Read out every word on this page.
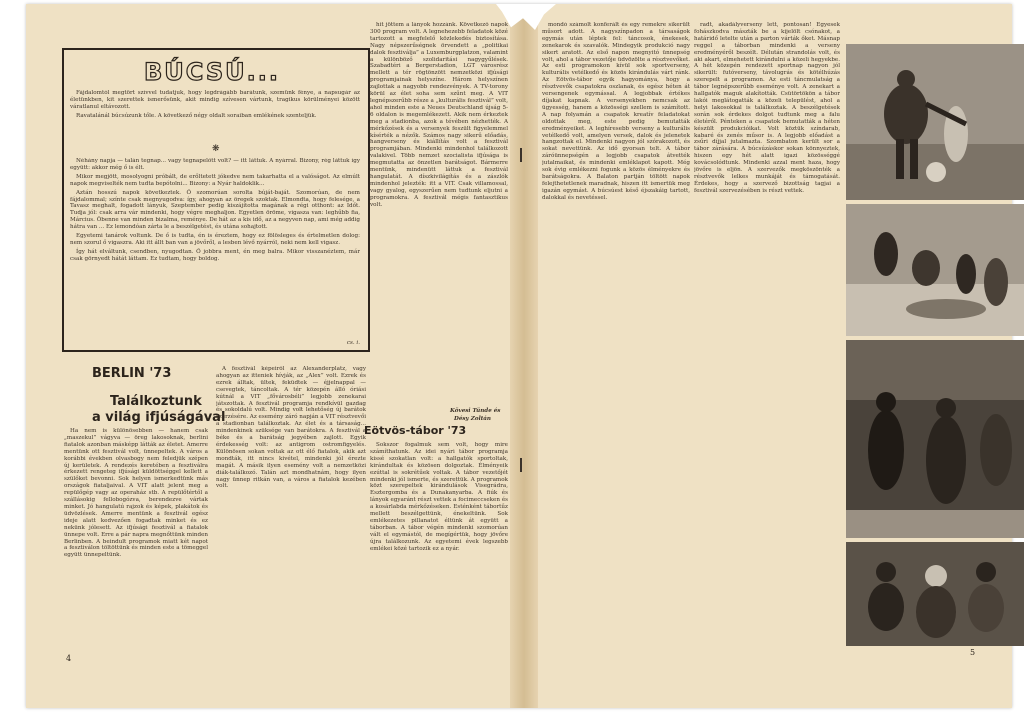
BÚCSÚ...

Fájdalomtól megtört szívvel tudatjuk, hogy legdrágább barátunk, szemünk fénye, a napsugár az életünkben, kit szerettek ismerősünk, akit mindig szívesen vártunk, tragikus körülményei között váratlanul eltávozott.

Ravatalánál búcsúzunk tőle. A következő négy oldalt soraiban emlékének szenteljük.

❋

Néhány napja — talán tegnap... vagy tegnapelőtt volt? — itt láttuk. A nyárral. Bizony, rég láttuk így együtt: akkor még ő is élt.

Mikor megjött, mosolyogni próbált, de erőltetett jókedve nem takarhatta el a valóságot. Az elmúlt napok megviselték nem tudta bepótolni... Bizony: a Nyár haldoklik...

Aztán hosszú napok következtek. Ő szomorúan sorolta búját-baját. Szomorúan, de nem fájdalommal; színte csak megnyugodva: így, ahogyan az öregek szoktak. Elmondta, hogy felesége, a Tavasz meghalt, fogadott lányuk, Szeptember pedig kiszájította magának a régi otthont: az Időt. Tudja jól: csak arra vár mindenki, hogy végre meghaljon. Egyetlen öröme, vigasza van: leghűbb fia, Március. Öbenne van minden bizalma, reménye. De hát az a kis idő, az a negyven nap, ami még addig hátra van ... Ez lemondóan zárta le a beszélgetést, és utána sohajtott.

Egyetemi tanárok voltunk. De ő is tudta, én is éreztem, hogy ez fölösleges és értelmetlen dolog: nem szorul ő vigaszra. Aki itt állt ban van a jövőről, a lesben lévő nyárról, neki nem kell vigasz.

Így hát elváltunk, csendben, nyugodtan. Ő jobbra ment, én meg balra. Mikor visszanéztem, már csak görnyedt hátát láttam. Ez tudtam, hogy boldog.

cs. i.
BERLIN '73
Találkoztunk
a világ ifjúságával

Ha nem is különösebben — hanem csak „maszekul” vágyva — öreg lakosoknak, berlini fiatalok azonban másképp látták az életet. Amerre mentünk ott fesztivál volt, ünnepeltek. A város a korábbi években olvasbogy nem feledjük szépen új kerületek. A rendezés keretében a fesztiválra érkezett rengeteg ifjúsági küldöttséggel kellett a szülőket bevonni. Sok helyen ismerkedtünk más országok fiataljaival. A VIT alatt jelent meg a repülőgép vagy az operaház stb. A repülőtértől a szállásokig fellobogózva, berendezve vártak minket. Jó hangulatú rajzok és képek, plakátok és üdvözlések. Amerre mentünk a fesztivál egész ideje alatt kedvezően fogadtak minket és ez nekünk jólesett. Az ifjúsági fesztivál a fiatalok ünnepe volt. Erre a pár napra megnőttünk minden Berlinben. A beindult programok miatt két napot a fesztiválon töltöttünk és minden este a tömeggel együtt ünnepeltünk.

A fesztivál képeiről az Alexanderplatz, vagy ahogyan az itteniek hívják, az „Alex” volt. Ezrek és ezrek álltak, ültek, feküdtek — éjjelnappal — csevegtek, táncoltak. A tér közepén álló óriási kútnál a VIT „fővárosbéli” legjobb zenekarai játszottak. A fesztivál programja rendkívül gazdag és sokoldalú volt. Mindig volt lehetőség új barátok szerzésére. Az esemény záró napján a VIT résztvevői a stadionban találkoztak. Az élet és a társaság... mindenkinek szüksége van barátokra. A fesztivál a béke és a barátság jegyében zajlott. Egyik érdekesség volt: az antigrom ostromfigyelés. Különösen sokan voltak az ott élő fiatalok, akik azt mondták, itt nincs kivétel, mindenki jól érezte magát. A másik ilyen esemény volt a nemzetközi diák-találkozó. Talán azt mondhatnám, hogy ilyen nagy ünnep ritkán van, a város a fiatalok kezében volt.

4

hit jöttem a lányok hozzánk. Következő napok 300 program volt. A legnehezebb feladatok közé tartozott a megfelelő közlekedés biztosítása. Nagy népszerűségnek örvendett a „politikai dalok fesztiválja” a Luxemburgplatzon, valamint a különböző szolidaritási nagygyűlések. Szabadtéri a Bergerstadion, LGT városrész mellett a tér rögtönzött nemzetközi ifjúsági programjainak helyszíne. Három helyszínen zajlottak a nagyobb rendezvények. A TV-torony körül az élet soha sem szűnt meg. A VIT legnépszerűbb része a „kulturális fesztivál” volt, ahol minden este a Neues Deutschland újság 5-6 oldalon is megemlékezett. Akik nem érkeztek meg a stadionba, azok a tévében nézhették. A mérkőzések és a versenyek feszült figyelemmel kísérték a nézők. Számos nagy sikerű előadás, hangverseny és kiállítás volt a fesztivál programjában. Mindenki mindenhol találkozott valakivel. Több nemzet szocialista ifjúsága is megmutatta az önzetlen barátságot. Bármerre mentünk, mindenütt láttuk a fesztivál hangulatát. A díszkivilágítás és a zászlók mindenhol jelezték: itt a VIT. Csak villamossal, vagy gyalog, egyszerűen nem tudtunk eljutni a programokra. A fesztivál mégis fantasztikus volt.

Kövesi Tünde és
Désy Zoltán
Eötvös-tábor '73

Sokszor fogalmuk sem volt, hogy mire számíthatunk. Az idei nyári tábor programja kissé szokatlan volt: a hallgatók sportoltak, kirándultak és közösen dolgoztak. Élményeik ezúttal is sokrétűek voltak. A tábor vezetőjét mindenki jól ismerte, és szerettük. A programok közt szerepeltek kirándulások Visegrádra, Esztergomba és a Dunakanyarba. A fiúk és lányok egyaránt részt vettek a focimeccseken és a kosárlabda mérkőzéseken. Esténként tábortűz mellett beszélgettünk, énekeltünk. Sok emlékezetes pillanatot éltünk át együtt a táborban. A tábor végén mindenki szomorúan vált el egymástól, de megígértük, hogy jövőre újra találkozunk. Az egyetemi évek legszebb emlékei közé tartozik ez a nyár.

mondó számolt konferált és egy remekre sikerült műsort adott. A nagyszínpadon a társaságok egymás után léptek fel: táncosok, énekesek, zenekarok és szavalók. Mindegyik produkció nagy sikert aratott. Az első napon megnyitó ünnepség volt, ahol a tábor vezetője üdvözölte a résztvevőket. Az esti programokon kívül sok sportverseny, kulturális vetélkedő és közös kirándulás várt ránk. Az Eötvös-tábor egyik hagyománya, hogy a résztvevők csapatokra oszlanak, és egész héten át versengenek egymással. A legjobbak értékes díjakat kapnak. A versenyekben nemcsak az ügyesség, hanem a közösségi szellem is számított. A nap folyamán a csapatok kreatív feladatokat oldottak meg, este pedig bemutatták eredményeiket. A leghíresebb verseny a kulturális vetélkedő volt, amelyen versek, dalok és jelenetek hangzottak el. Mindenki nagyon jól szórakozott, és sokat nevettünk. Az idő gyorsan telt. A tábor záróünnepségén a legjobb csapatok átvették jutalmaikat, és mindenki emléklapot kapott. Még sok évig emlékezni fogunk a közös élményekre és barátságokra. A Balaton partján töltött napok felejthetetlenek maradnak, hiszen itt ismertük meg igazán egymást. A búcsúest késő éjszakáig tartott, dalokkal és nevetéssel.

radt, akadályverseny lett, pontosan! Egyesek fohászkodva mászták be a kijelölt csónakot, a határidő letelte után a parton várták őket. Másnap reggel a táborban mindenki a verseny eredményéről beszélt. Délután strandolás volt, és aki akart, elmehetett kirándulni a közeli hegyekbe. A hét közepén rendezett sportnap nagyon jól sikerült: futóverseny, távolugrás és kötélhúzás szerepelt a programon. Az esti táncmulatság a tábor legnépszerűbb eseménye volt. A zenekart a hallgatók maguk alakították. Csütörtökön a tábor lakói meglátogatták a közeli települést, ahol a helyi lakosokkal is találkoztak. A beszélgetések során sok érdekes dolgot tudtunk meg a falu életéről. Pénteken a csapatok bemutatták a héten készült produkcióikat. Volt köztük színdarab, kabaré és zenés műsor is. A legjobb előadást a zsűri díjjal jutalmazta. Szombaton került sor a tábor zárására. A búcsúzáskor sokan könnyeztek, hiszen egy hét alatt igazi közösséggé kovácsolódtunk. Mindenki azzal ment haza, hogy jövőre is eljön. A szervezők megköszönték a résztvevők lelkes munkáját és támogatását. Érdekes, hogy a szervező bizottság tagjai a fesztivál szervezésében is részt vettek.

5
